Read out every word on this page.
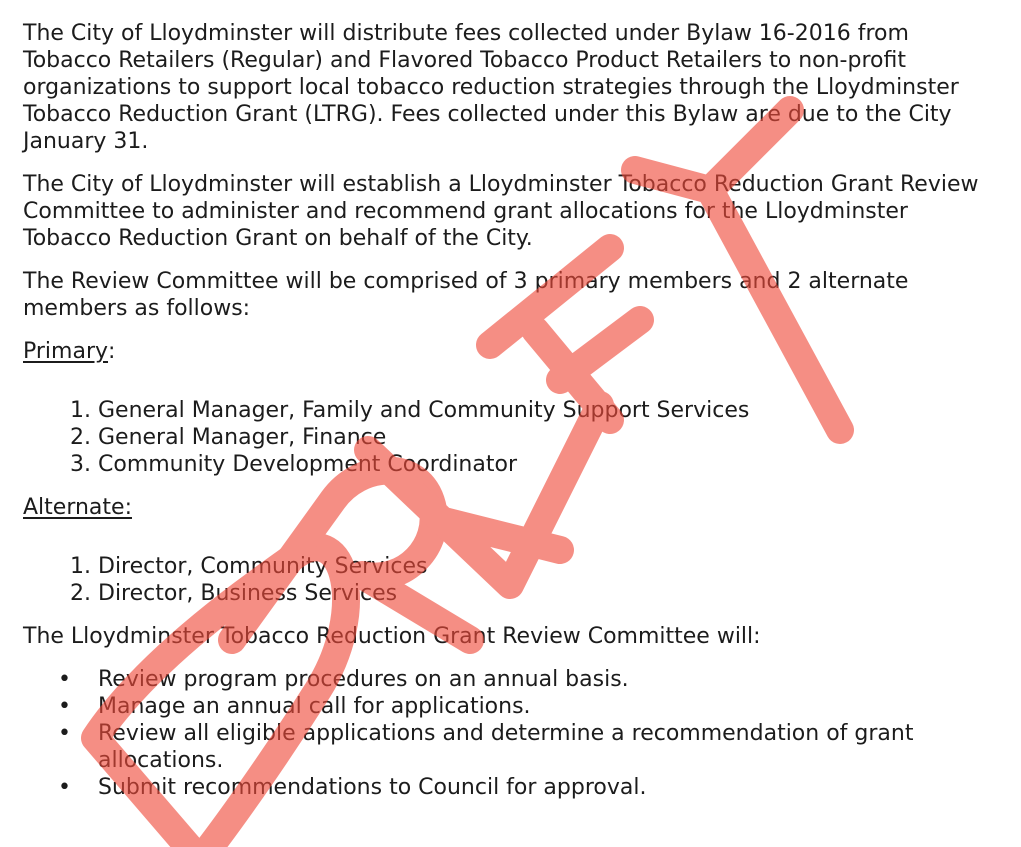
The City of Lloydminster will distribute fees collected under Bylaw 16-2016 from Tobacco Retailers (Regular) and Flavored Tobacco Product Retailers to non-profit organizations to support local tobacco reduction strategies through the Lloydminster Tobacco Reduction Grant (LTRG). Fees collected under this Bylaw are due to the City January 31.

The City of Lloydminster will establish a Lloydminster Tobacco Reduction Grant Review Committee to administer and recommend grant allocations for the Lloydminster Tobacco Reduction Grant on behalf of the City.

The Review Committee will be comprised of 3 primary members and 2 alternate members as follows:

Primary:
1. General Manager, Family and Community Support Services
2. General Manager, Finance
3. Community Development Coordinator
Alternate:
1. Director, Community Services
2. Director, Business Services

The Lloydminster Tobacco Reduction Grant Review Committee will:

• Review program procedures on an annual basis.
• Manage an annual call for applications.
• Review all eligible applications and determine a recommendation of grant allocations.
• Submit recommendations to Council for approval.
